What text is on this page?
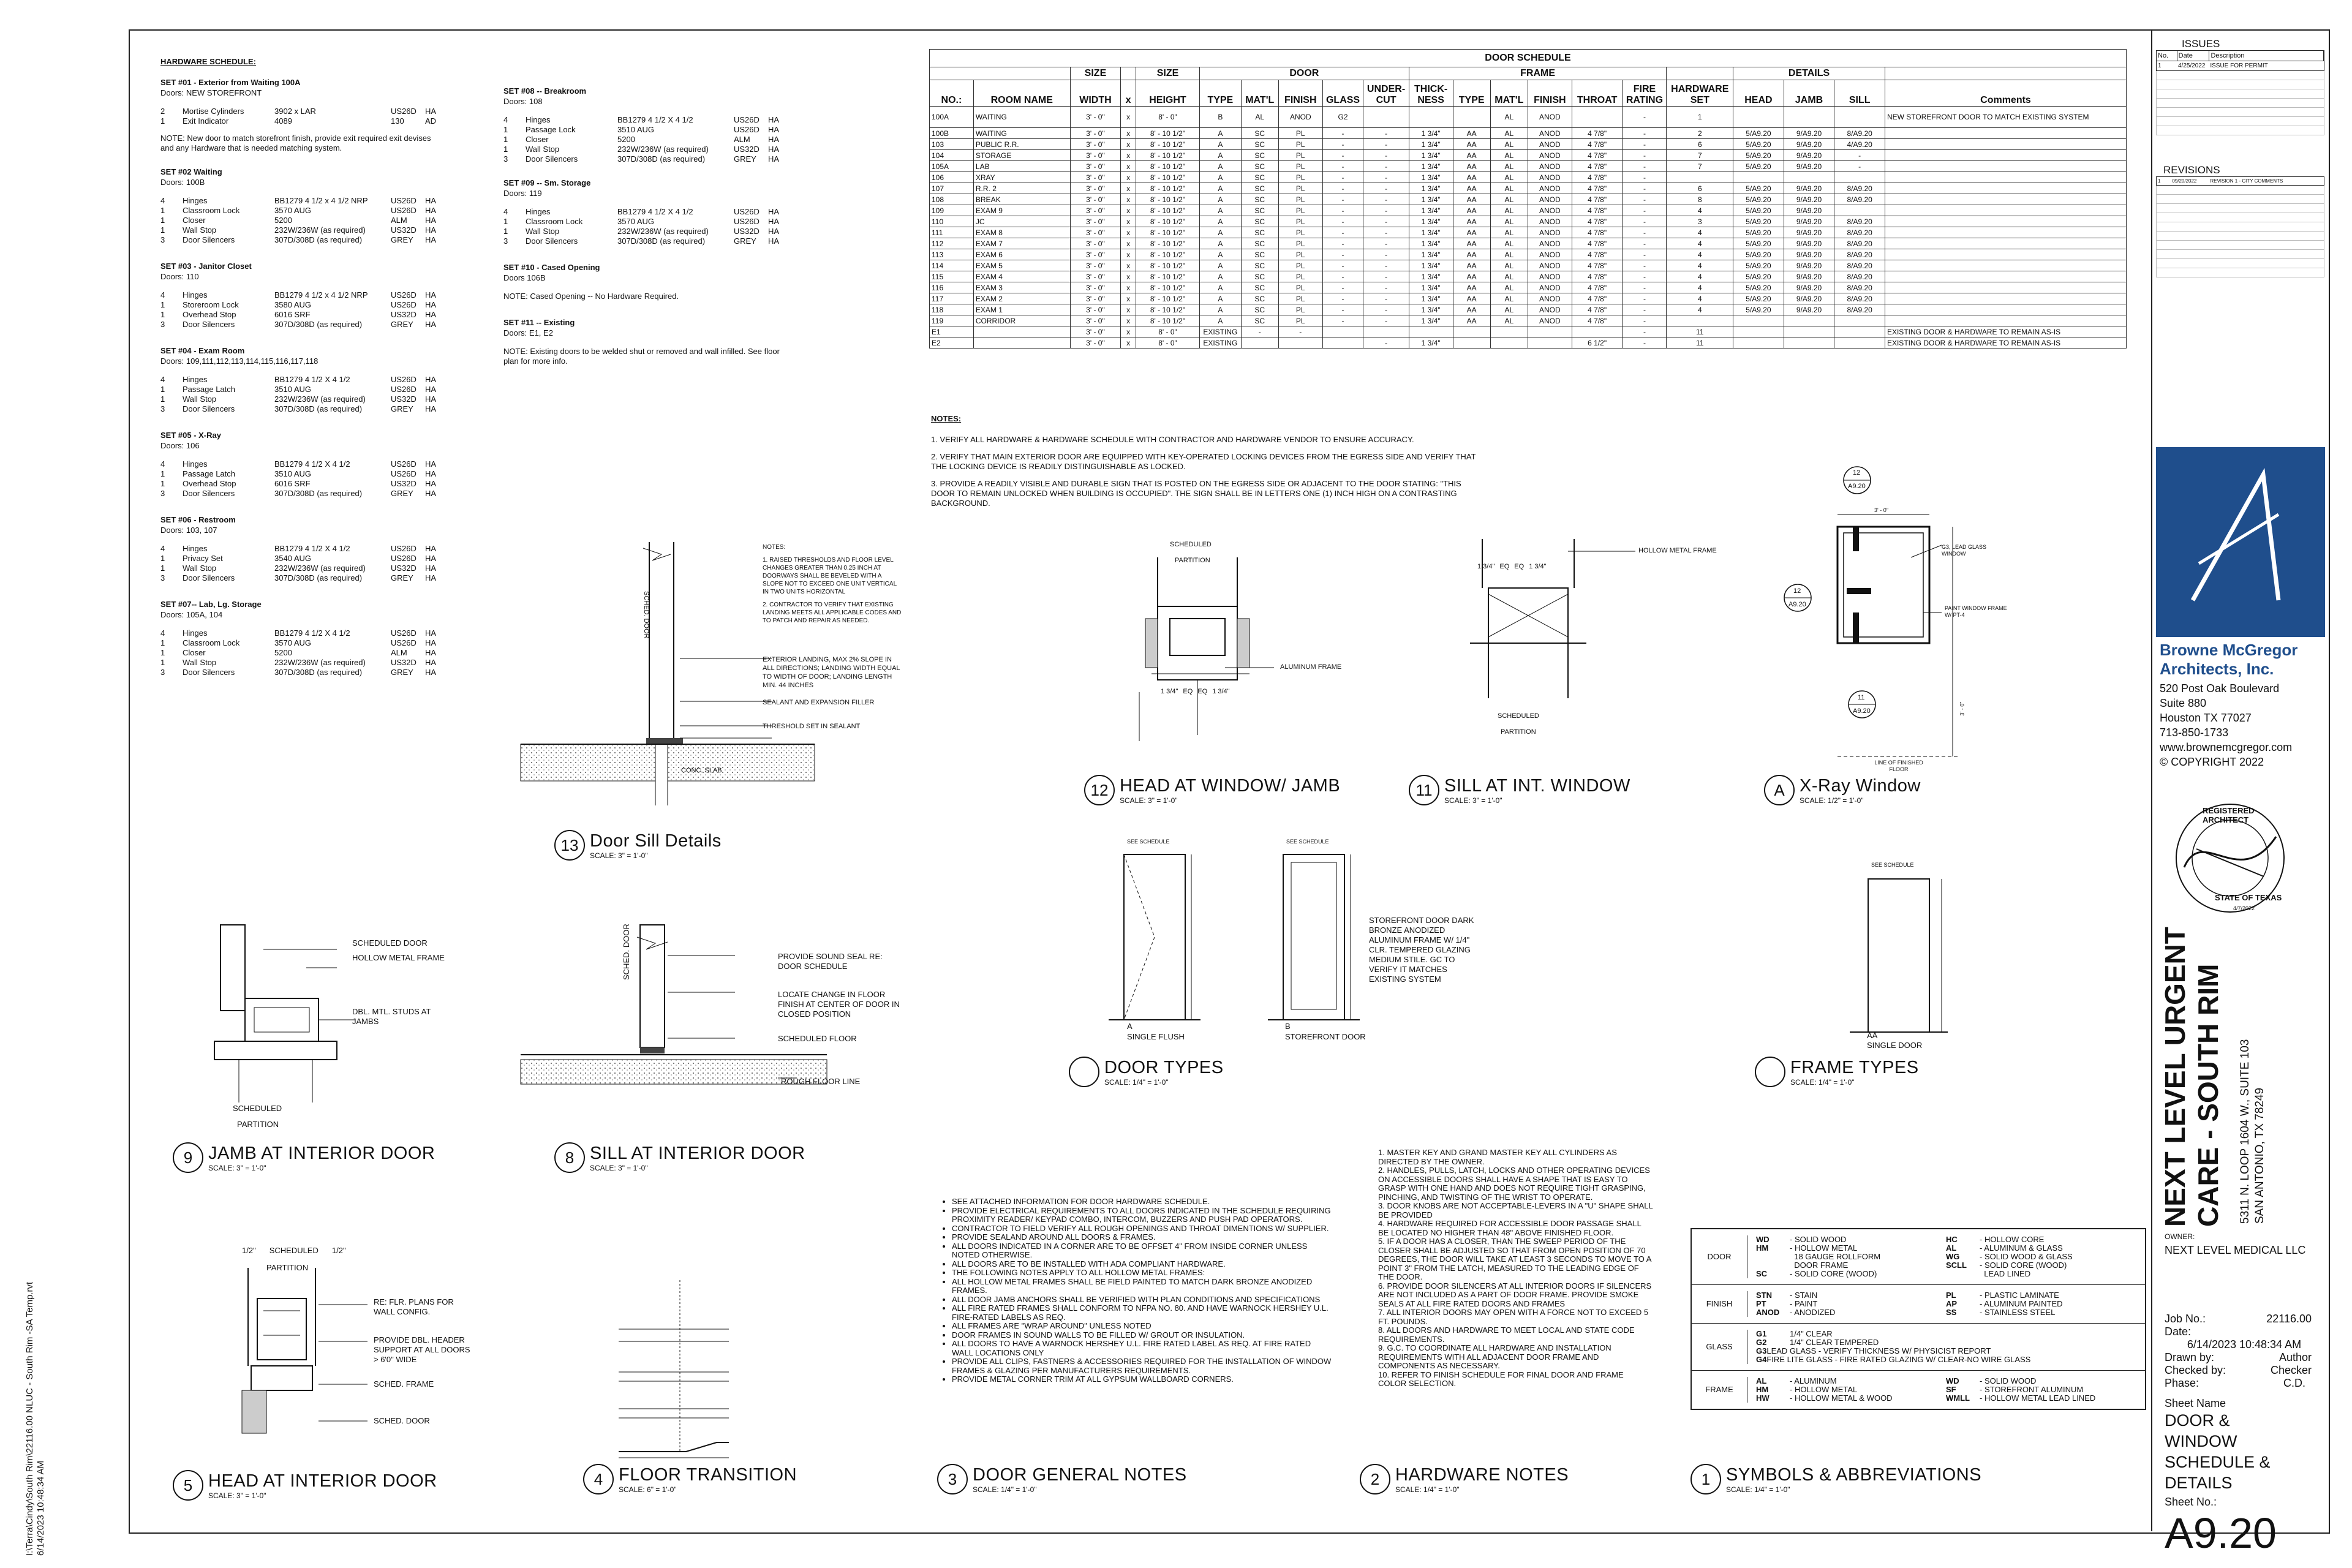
I:\Terra\Cindy\South Rim\22116.00 NLUC - South Rim -SA Temp.rvt 6/14/2023 10:48:34 AM
HARDWARE SCHEDULE:
SET #01 - Exterior from Waiting 100A
Doors: NEW STOREFRONT
2	Mortise Cylinders	3902 x LAR	US26D	HA
1	Exit Indicator	4089	130	AD
NOTE: New door to match storefront finish, provide exit required exit devises and any Hardware that is needed matching system.
SET #02 Waiting
Doors: 100B
4	Hinges	BB1279 4 1/2 x 4 1/2 NRP	US26D	HA
1	Classroom Lock	3570 AUG	US26D	HA
1	Closer	5200	ALM	HA
1	Wall Stop	232W/236W (as required)	US32D	HA
3	Door Silencers	307D/308D (as required)	GREY	HA
SET #03 - Janitor Closet
Doors: 110
4	Hinges	BB1279 4 1/2 x 4 1/2 NRP	US26D	HA
1	Storeroom Lock	3580 AUG	US26D	HA
1	Overhead Stop	6016 SRF	US32D	HA
3	Door Silencers	307D/308D (as required)	GREY	HA
SET #04 - Exam Room
Doors: 109,111,112,113,114,115,116,117,118
4	Hinges	BB1279 4 1/2 X 4 1/2	US26D	HA
1	Passage Latch	3510 AUG	US26D	HA
1	Wall Stop	232W/236W (as required)	US32D	HA
3	Door Silencers	307D/308D (as required)	GREY	HA
SET #05 - X-Ray
Doors: 106
4	Hinges	BB1279 4 1/2 X 4 1/2	US26D	HA
1	Passage Latch	3510 AUG	US26D	HA
1	Overhead Stop	6016 SRF	US32D	HA
3	Door Silencers	307D/308D (as required)	GREY	HA
SET #06 - Restroom
Doors: 103, 107
4	Hinges	BB1279 4 1/2 X 4 1/2	US26D	HA
1	Privacy Set	3540 AUG	US26D	HA
1	Wall Stop	232W/236W (as required)	US32D	HA
3	Door Silencers	307D/308D (as required)	GREY	HA
SET #07-- Lab, Lg. Storage
Doors: 105A, 104
4	Hinges	BB1279 4 1/2 X 4 1/2	US26D	HA
1	Classroom Lock	3570 AUG	US26D	HA
1	Closer	5200	ALM	HA
1	Wall Stop	232W/236W (as required)	US32D	HA
3	Door Silencers	307D/308D (as required)	GREY	HA
SET #08 -- Breakroom
Doors: 108
4	Hinges	BB1279 4 1/2 X 4 1/2	US26D	HA
1	Passage Lock	3510 AUG	US26D	HA
1	Closer	5200	ALM	HA
1	Wall Stop	232W/236W (as required)	US32D	HA
3	Door Silencers	307D/308D (as required)	GREY	HA
SET #09 -- Sm. Storage
Doors: 119
4	Hinges	BB1279 4 1/2 X 4 1/2	US26D	HA
1	Classroom Lock	3570 AUG	US26D	HA
1	Wall Stop	232W/236W (as required)	US32D	HA
3	Door Silencers	307D/308D (as required)	GREY	HA
SET #10 - Cased Opening
Doors 106B
NOTE: Cased Opening -- No Hardware Required.
SET #11 -- Existing
Doors: E1, E2
NOTE: Existing doors to be welded shut or removed and wall infilled. See floor plan for more info.
DOOR SCHEDULE																				
		SIZE		SIZE	DOOR					FRAME							DETAILS			
NO.:	ROOM NAME	WIDTH	x	HEIGHT	TYPE	MAT'L	FINISH	GLASS	UNDER-CUT	THICK-NESS	TYPE	MAT'L	FINISH	THROAT	FIRE RATING	HARDWARE SET	HEAD	JAMB	SILL	Comments
100A	WAITING	3' - 0"	x	8' - 0"	B	AL	ANOD	G2				AL	ANOD		-	1				NEW STOREFRONT DOOR TO MATCH EXISTING SYSTEM
100B	WAITING	3' - 0"	x	8' - 10 1/2"	A	SC	PL	-	-	1 3/4"	AA	AL	ANOD	4 7/8"	-	2	5/A9.20	9/A9.20	8/A9.20	
103	PUBLIC R.R.	3' - 0"	x	8' - 10 1/2"	A	SC	PL	-	-	1 3/4"	AA	AL	ANOD	4 7/8"	-	6	5/A9.20	9/A9.20	4/A9.20	
104	STORAGE	3' - 0"	x	8' - 10 1/2"	A	SC	PL	-	-	1 3/4"	AA	AL	ANOD	4 7/8"	-	7	5/A9.20	9/A9.20	-	
105A	LAB	3' - 0"	x	8' - 10 1/2"	A	SC	PL	-	-	1 3/4"	AA	AL	ANOD	4 7/8"	-	7	5/A9.20	9/A9.20	-	
106	XRAY	3' - 0"	x	8' - 10 1/2"	A	SC	PL	-	-	1 3/4"	AA	AL	ANOD	4 7/8"	-					
107	R.R. 2	3' - 0"	x	8' - 10 1/2"	A	SC	PL	-	-	1 3/4"	AA	AL	ANOD	4 7/8"	-	6	5/A9.20	9/A9.20	8/A9.20	
108	BREAK	3' - 0"	x	8' - 10 1/2"	A	SC	PL	-	-	1 3/4"	AA	AL	ANOD	4 7/8"	-	8	5/A9.20	9/A9.20	8/A9.20	
109	EXAM 9	3' - 0"	x	8' - 10 1/2"	A	SC	PL	-	-	1 3/4"	AA	AL	ANOD	4 7/8"	-	4	5/A9.20	9/A9.20		
110	JC	3' - 0"	x	8' - 10 1/2"	A	SC	PL	-	-	1 3/4"	AA	AL	ANOD	4 7/8"	-	3	5/A9.20	9/A9.20	8/A9.20	
111	EXAM 8	3' - 0"	x	8' - 10 1/2"	A	SC	PL	-	-	1 3/4"	AA	AL	ANOD	4 7/8"	-	4	5/A9.20	9/A9.20	8/A9.20	
112	EXAM 7	3' - 0"	x	8' - 10 1/2"	A	SC	PL	-	-	1 3/4"	AA	AL	ANOD	4 7/8"	-	4	5/A9.20	9/A9.20	8/A9.20	
113	EXAM 6	3' - 0"	x	8' - 10 1/2"	A	SC	PL	-	-	1 3/4"	AA	AL	ANOD	4 7/8"	-	4	5/A9.20	9/A9.20	8/A9.20	
114	EXAM 5	3' - 0"	x	8' - 10 1/2"	A	SC	PL	-	-	1 3/4"	AA	AL	ANOD	4 7/8"	-	4	5/A9.20	9/A9.20	8/A9.20	
115	EXAM 4	3' - 0"	x	8' - 10 1/2"	A	SC	PL	-	-	1 3/4"	AA	AL	ANOD	4 7/8"	-	4	5/A9.20	9/A9.20	8/A9.20	
116	EXAM 3	3' - 0"	x	8' - 10 1/2"	A	SC	PL	-	-	1 3/4"	AA	AL	ANOD	4 7/8"	-	4	5/A9.20	9/A9.20	8/A9.20	
117	EXAM 2	3' - 0"	x	8' - 10 1/2"	A	SC	PL	-	-	1 3/4"	AA	AL	ANOD	4 7/8"	-	4	5/A9.20	9/A9.20	8/A9.20	
118	EXAM 1	3' - 0"	x	8' - 10 1/2"	A	SC	PL	-	-	1 3/4"	AA	AL	ANOD	4 7/8"	-	4	5/A9.20	9/A9.20	8/A9.20	
119	CORRIDOR	3' - 0"	x	8' - 10 1/2"	A	SC	PL	-	-	1 3/4"	AA	AL	ANOD	4 7/8"	-					
E1		3' - 0"	x	8' - 0"	EXISTING	-	-								-	11				EXISTING DOOR & HARDWARE TO REMAIN AS-IS
E2		3' - 0"	x	8' - 0"	EXISTING				-	1 3/4"				6 1/2"	-	11				EXISTING DOOR & HARDWARE TO REMAIN AS-IS
NOTES:
1. VERIFY ALL HARDWARE & HARDWARE SCHEDULE WITH CONTRACTOR AND HARDWARE VENDOR TO ENSURE ACCURACY.
2. VERIFY THAT MAIN EXTERIOR DOOR ARE EQUIPPED WITH KEY-OPERATED LOCKING DEVICES FROM THE EGRESS SIDE AND VERIFY THAT THE LOCKING DEVICE IS READILY DISTINGUISHABLE AS LOCKED.
3. PROVIDE A READILY VISIBLE AND DURABLE SIGN THAT IS POSTED ON THE EGRESS SIDE OR ADJACENT TO THE DOOR STATING: "THIS DOOR TO REMAIN UNLOCKED WHEN BUILDING IS OCCUPIED". THE SIGN SHALL BE IN LETTERS ONE (1) INCH HIGH ON A CONTRASTING BACKGROUND.
SCHED. DOOR
CONC. SLAB
EXTERIOR LANDING, MAX 2% SLOPE IN ALL DIRECTIONS; LANDING WIDTH EQUAL TO WIDTH OF DOOR; LANDING LENGTH MIN. 44 INCHES
SEALANT AND EXPANSION FILLER
THRESHOLD SET IN SEALANT
NOTES:
1. RAISED THRESHOLDS AND FLOOR LEVEL CHANGES GREATER THAN 0.25 INCH AT DOORWAYS SHALL BE BEVELED WITH A SLOPE NOT TO EXCEED ONE UNIT VERTICAL IN TWO UNITS HORIZONTAL
2. CONTRACTOR TO VERIFY THAT EXISTING LANDING MEETS ALL APPLICABLE CODES AND TO PATCH AND REPAIR AS NEEDED.
13 Door Sill Details
SCALE: 3" = 1'-0"
SCHEDULED
PARTITION
ALUMINUM FRAME
1 3/4" EQ EQ 1 3/4"
12 HEAD AT WINDOW/ JAMB
SCALE: 3" = 1'-0"
HOLLOW METAL FRAME
1 3/4" EQ EQ 1 3/4"
SCHEDULED
PARTITION
11 SILL AT INT. WINDOW
SCALE: 3" = 1'-0"
12
A9.20
12
A9.20
11
A9.20
G3, LEAD GLASS WINDOW
PAINT WINDOW FRAME W/ PT-4
LINE OF FINISHED FLOOR
3' - 0"
3' - 0"
A X-Ray Window
SCALE: 1/2" = 1'-0"
SEE SCHEDULE	SEE SCHEDULE
A
SINGLE FLUSH
B
STOREFRONT DOOR
STOREFRONT DOOR DARK BRONZE ANODIZED ALUMINUM FRAME W/ 1/4" CLR. TEMPERED GLAZING MEDIUM STILE. GC TO VERIFY IT MATCHES EXISTING SYSTEM
DOOR TYPES
SCALE: 1/4" = 1'-0"
SEE SCHEDULE
AA
SINGLE DOOR
FRAME TYPES
SCALE: 1/4" = 1'-0"
SCHEDULED DOOR
HOLLOW METAL FRAME
DBL. MTL. STUDS AT JAMBS
SCHEDULED
PARTITION
9 JAMB AT INTERIOR DOOR
SCALE: 3" = 1'-0"
SCHED. DOOR	PROVIDE SOUND SEAL RE: DOOR SCHEDULE
LOCATE CHANGE IN FLOOR FINISH AT CENTER OF DOOR IN CLOSED POSITION
SCHEDULED FLOOR
ROUGH FLOOR LINE
8 SILL AT INTERIOR DOOR
SCALE: 3" = 1'-0"
1/2" SCHEDULED 1/2"
PARTITION
RE: FLR. PLANS FOR WALL CONFIG.
PROVIDE DBL. HEADER SUPPORT AT ALL DOORS > 6'0" WIDE
SCHED. FRAME
SCHED. DOOR
5 HEAD AT INTERIOR DOOR
SCALE: 3" = 1'-0"
4 FLOOR TRANSITION
SCALE: 6" = 1'-0"
• SEE ATTACHED INFORMATION FOR DOOR HARDWARE SCHEDULE.
• PROVIDE ELECTRICAL REQUIREMENTS TO ALL DOORS INDICATED IN THE SCHEDULE REQUIRING PROXIMITY READER/ KEYPAD COMBO, INTERCOM, BUZZERS AND PUSH PAD OPERATORS.
• CONTRACTOR TO FIELD VERIFY ALL ROUGH OPENINGS AND THROAT DIMENTIONS W/ SUPPLIER.
• PROVIDE SEALAND AROUND ALL DOORS & FRAMES.
• ALL DOORS INDICATED IN A CORNER ARE TO BE OFFSET 4" FROM INSIDE CORNER UNLESS NOTED OTHERWISE.
• ALL DOORS ARE TO BE INSTALLED WITH ADA COMPLIANT HARDWARE.
• THE FOLLOWING NOTES APPLY TO ALL HOLLOW METAL FRAMES:
• ALL HOLLOW METAL FRAMES SHALL BE FIELD PAINTED TO MATCH DARK BRONZE ANODIZED FRAMES.
• ALL DOOR JAMB ANCHORS SHALL BE VERIFIED WITH PLAN CONDITIONS AND SPECIFICATIONS
• ALL FIRE RATED FRAMES SHALL CONFORM TO NFPA NO. 80. AND HAVE WARNOCK HERSHEY U.L. FIRE-RATED LABELS AS REQ.
• ALL FRAMES ARE "WRAP AROUND" UNLESS NOTED
• DOOR FRAMES IN SOUND WALLS TO BE FILLED W/ GROUT OR INSULATION.
• ALL DOORS TO HAVE A WARNOCK HERSHEY U.L. FIRE RATED LABEL AS REQ. AT FIRE RATED WALL LOCATIONS ONLY
• PROVIDE ALL CLIPS, FASTNERS & ACCESSORIES REQUIRED FOR THE INSTALLATION OF WINDOW FRAMES & GLAZING PER MANUFACTURERS REQUIREMENTS.
• PROVIDE METAL CORNER TRIM AT ALL GYPSUM WALLBOARD CORNERS.
3 DOOR GENERAL NOTES
SCALE: 1/4" = 1'-0"
1. MASTER KEY AND GRAND MASTER KEY ALL CYLINDERS AS DIRECTED BY THE OWNER.
2. HANDLES, PULLS, LATCH, LOCKS AND OTHER OPERATING DEVICES ON ACCESSIBLE DOORS SHALL HAVE A SHAPE THAT IS EASY TO GRASP WITH ONE HAND AND DOES NOT REQUIRE TIGHT GRASPING, PINCHING, AND TWISTING OF THE WRIST TO OPERATE.
3. DOOR KNOBS ARE NOT ACCEPTABLE-LEVERS IN A "U" SHAPE SHALL BE PROVIDED
4. HARDWARE REQUIRED FOR ACCESSIBLE DOOR PASSAGE SHALL BE LOCATED NO HIGHER THAN 48" ABOVE FINISHED FLOOR.
5. IF A DOOR HAS A CLOSER, THAN THE SWEEP PERIOD OF THE CLOSER SHALL BE ADJUSTED SO THAT FROM OPEN POSITION OF 70 DEGREES, THE DOOR WILL TAKE AT LEAST 3 SECONDS TO MOVE TO A POINT 3" FROM THE LATCH, MEASURED TO THE LEADING EDGE OF THE DOOR.
6. PROVIDE DOOR SILENCERS AT ALL INTERIOR DOORS IF SILENCERS ARE NOT INCLUDED AS A PART OF DOOR FRAME. PROVIDE SMOKE SEALS AT ALL FIRE RATED DOORS AND FRAMES
7. ALL INTERIOR DOORS MAY OPEN WITH A FORCE NOT TO EXCEED 5 FT. POUNDS.
8. ALL DOORS AND HARDWARE TO MEET LOCAL AND STATE CODE REQUIREMENTS.
9. G.C. TO COORDINATE ALL HARDWARE AND INSTALLATION REQUIREMENTS WITH ALL ADJACENT DOOR FRAME AND COMPONENTS AS NECESSARY.
10. REFER TO FINISH SCHEDULE FOR FINAL DOOR AND FRAME COLOR SELECTION.
2 HARDWARE NOTES
SCALE: 1/4" = 1'-0"
DOOR
WD	- SOLID WOOD
HM	- HOLLOW METAL
18 GAUGE ROLLFORM
DOOR FRAME
SC	- SOLID CORE (WOOD)
HC	- HOLLOW CORE
AL	- ALUMINUM & GLASS
WG	- SOLID WOOD & GLASS
SCLL	- SOLID CORE (WOOD)
LEAD LINED
FINISH
STN	- STAIN
PT	- PAINT
ANOD	- ANODIZED
PL	- PLASTIC LAMINATE
AP	- ALUMINUM PAINTED
SS	- STAINLESS STEEL
GLASS
G1	1/4" CLEAR
G2	1/4" CLEAR TEMPERED
G3 LEAD GLASS - VERIFY THICKNESS W/ PHYSICIST REPORT
G4 FIRE LITE GLASS - FIRE RATED GLAZING W/ CLEAR-NO WIRE GLASS
FRAME
AL	- ALUMINUM
HM	- HOLLOW METAL
HW	- HOLLOW METAL & WOOD
WD	- SOLID WOOD
SF	- STOREFRONT ALUMINUM
WMLL	- HOLLOW METAL LEAD LINED
1 SYMBOLS & ABBREVIATIONS
SCALE: 1/4" = 1'-0"
ISSUES
No.	Date	Description
1	4/25/2022 ISSUE FOR PERMIT
REVISIONS
1	09/20/2022	REVISION 1 - CITY COMMENTS
Browne McGregor
Architects, Inc.
520 Post Oak Boulevard
Suite 880
Houston TX 77027
713-850-1733
www.brownemcgregor.com
© COPYRIGHT 2022
REGISTERED ARCHITECT
STATE OF TEXAS
4/7/2022
NEXT LEVEL URGENT CARE - SOUTH RIM 5311 N. LOOP 1604 W., SUITE 103 SAN ANTONIO, TX 78249
OWNER:
NEXT LEVEL MEDICAL LLC
Job No.:	22116.00
Date:
6/14/2023 10:48:34 AM
Drawn by:	Author
Checked by:	Checker
Phase:	C.D.
Sheet Name
DOOR &
WINDOW
SCHEDULE &
DETAILS
Sheet No.:
A9.20
